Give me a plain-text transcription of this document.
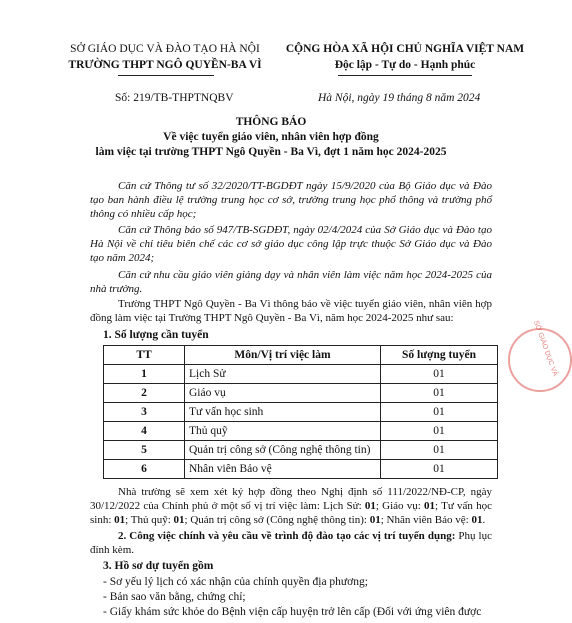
SỞ GIÁO DỤC VÀ ĐÀO TẠO HÀ NỘI
TRƯỜNG THPT NGÔ QUYỀN-BA VÌ
CỘNG HÒA XÃ HỘI CHỦ NGHĨA VIỆT NAM
Độc lập - Tự do - Hạnh phúc
Số: 219/TB-THPTNQBV	Hà Nội, ngày 19 tháng 8 năm 2024
THÔNG BÁO
Về việc tuyển giáo viên, nhân viên hợp đồng
làm việc tại trường THPT Ngô Quyền - Ba Vì, đợt 1 năm học 2024-2025
Căn cứ Thông tư số 32/2020/TT-BGDĐT ngày 15/9/2020 của Bộ Giáo dục và Đào tạo ban hành điều lệ trường trung học cơ sở, trường trung học phổ thông và trường phổ thông có nhiều cấp học;
Căn cứ Thông báo số 947/TB-SGDĐT, ngày 02/4/2024 của Sở Giáo dục và Đào tạo Hà Nội về chỉ tiêu biên chế các cơ sở giáo dục công lập trực thuộc Sở Giáo dục và Đào tạo năm 2024;
Căn cứ nhu cầu giáo viên giảng dạy và nhân viên làm việc năm học 2024-2025 của nhà trường.
Trường THPT Ngô Quyền - Ba Vì thông báo về việc tuyển giáo viên, nhân viên hợp đồng làm việc tại Trường THPT Ngô Quyền - Ba Vì, năm học 2024-2025 như sau:
1. Số lượng cần tuyển
TT	Môn/Vị trí việc làm	Số lượng tuyển
1	Lịch Sử	01
2	Giáo vụ	01
3	Tư vấn học sinh	01
4	Thủ quỹ	01
5	Quản trị công sở (Công nghệ thông tin)	01
6	Nhân viên Bảo vệ	01
Nhà trường sẽ xem xét ký hợp đồng theo Nghị định số 111/2022/NĐ-CP, ngày 30/12/2022 của Chính phủ ở một số vị trí việc làm: Lịch Sử: 01; Giáo vụ: 01; Tư vấn học sinh: 01; Thủ quỹ: 01; Quản trị công sở (Công nghệ thông tin): 01; Nhân viên Bảo vệ: 01.
2. Công việc chính và yêu cầu về trình độ đào tạo các vị trí tuyển dụng: Phụ lục đính kèm.
3. Hồ sơ dự tuyển gồm
- Sơ yếu lý lịch có xác nhận của chính quyền địa phương;
- Bản sao văn bằng, chứng chỉ;
- Giấy khám sức khỏe do Bệnh viện cấp huyện trở lên cấp (Đối với ứng viên được
SỞ GIÁO DỤC VÀ
